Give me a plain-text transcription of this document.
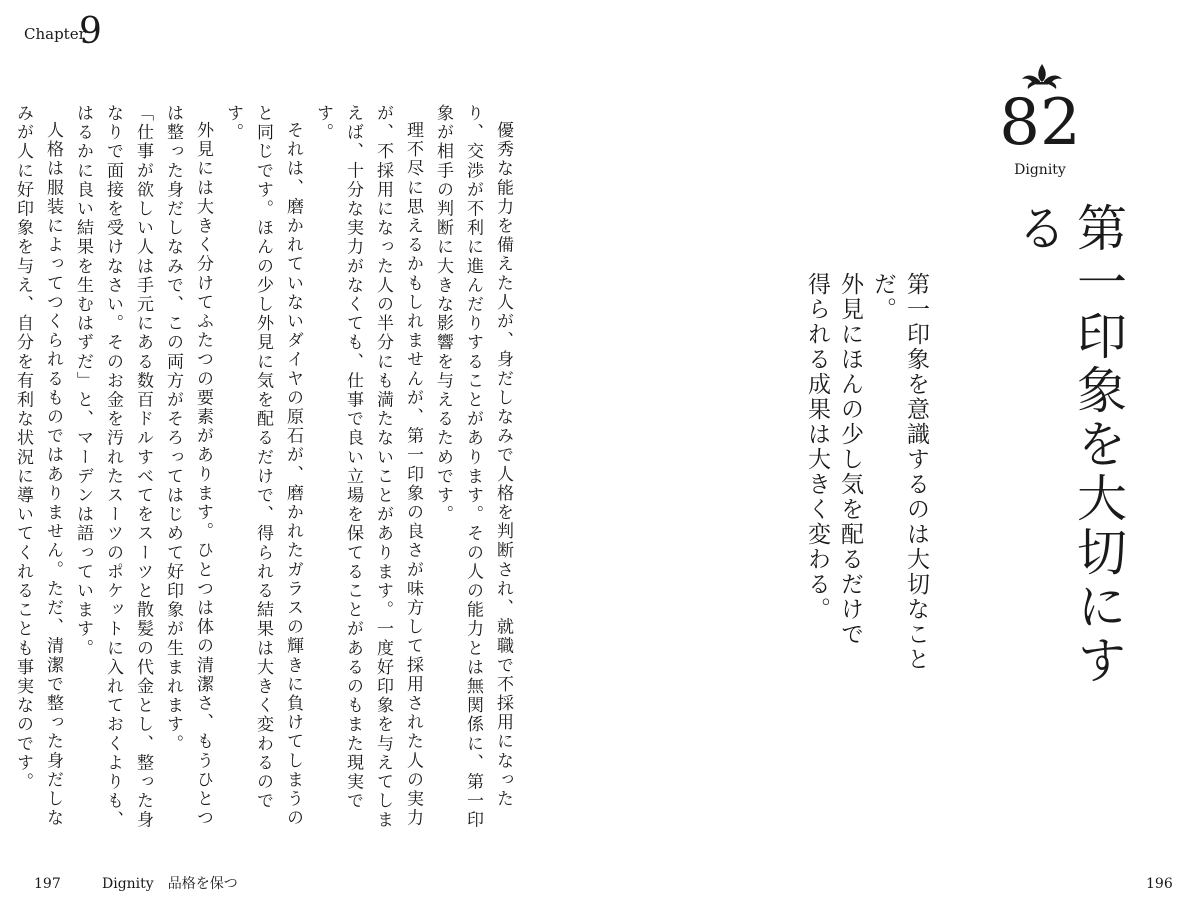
Chapter
9
82
Dignity
第一印象を大切にする
第一印象を意識するのは大切なことだ。
外見にほんの少し気を配るだけで
得られる成果は大きく変わる。

優秀な能力を備えた人が、身だしなみで人格を判断され、就職で不採用になったり、交渉が不利に進んだりすることがあります。その人の能力とは無関係に、第一印象が相手の判断に大きな影響を与えるためです。

理不尽に思えるかもしれませんが、第一印象の良さが味方して採用された人の実力が、不採用になった人の半分にも満たないことがあります。一度好印象を与えてしまえば、十分な実力がなくても、仕事で良い立場を保てることがあるのもまた現実です。

それは、磨かれていないダイヤの原石が、磨かれたガラスの輝きに負けてしまうのと同じです。ほんの少し外見に気を配るだけで、得られる結果は大きく変わるのです。

外見には大きく分けてふたつの要素があります。ひとつは体の清潔さ、もうひとつは整った身だしなみで、この両方がそろってはじめて好印象が生まれます。

「仕事が欲しい人は手元にある数百ドルすべてをスーツと散髪の代金とし、整った身なりで面接を受けなさい。そのお金を汚れたスーツのポケットに入れておくよりも、はるかに良い結果を生むはずだ」と、マーデンは語っています。

人格は服装によってつくられるものではありません。ただ、清潔で整った身だしなみが人に好印象を与え、自分を有利な状況に導いてくれることも事実なのです。

197	Dignity　品格を保つ	196
